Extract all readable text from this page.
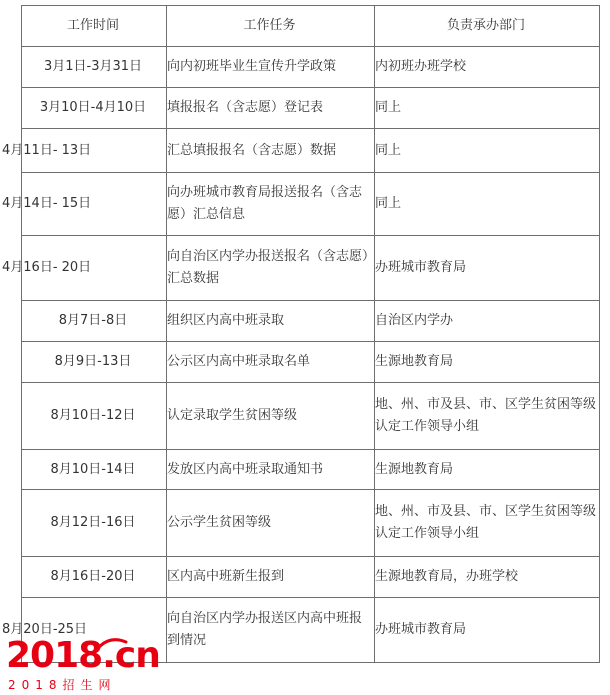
工作时间	工作任务	负责承办部门
3月1日-3月31日	向内初班毕业生宣传升学政策	内初班办班学校
3月10日-4月10日	填报报名（含志愿）登记表	同上
4月11日- 13日	汇总填报报名（含志愿）数据	同上
4月14日- 15日	向办班城市教育局报送报名（含志愿）汇总信息	同上
4月16日- 20日	向自治区内学办报送报名（含志愿）汇总数据	办班城市教育局
8月7日-8日	组织区内高中班录取	自治区内学办
8月9日-13日	公示区内高中班录取名单	生源地教育局
8月10日-12日	认定录取学生贫困等级	地、州、市及县、市、区学生贫困等级认定工作领导小组
8月10日-14日	发放区内高中班录取通知书	生源地教育局
8月12日-16日	公示学生贫困等级	地、州、市及县、市、区学生贫困等级认定工作领导小组
8月16日-20日	区内高中班新生报到	生源地教育局，办班学校
8月20日-25日	向自治区内学办报送区内高中班报到情况	办班城市教育局
2018.cn
2018招生网
